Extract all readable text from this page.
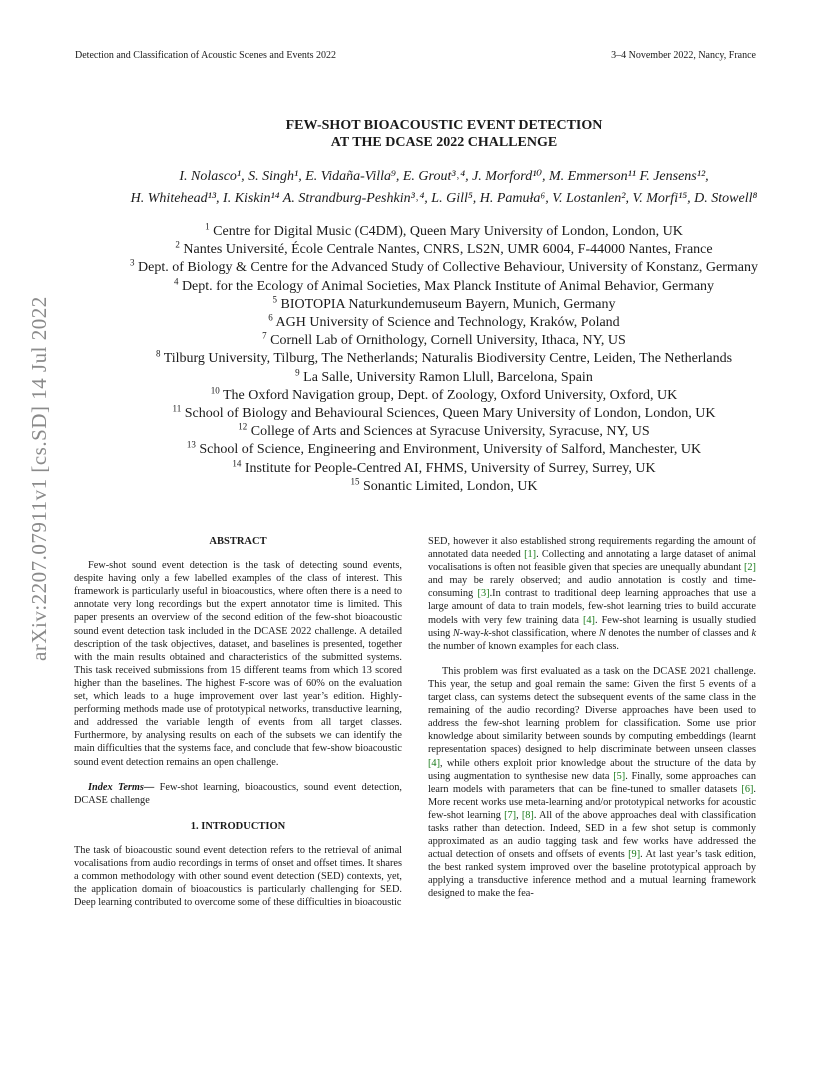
Detection and Classification of Acoustic Scenes and Events 2022	3–4 November 2022, Nancy, France
arXiv:2207.07911v1 [cs.SD] 14 Jul 2022
FEW-SHOT BIOACOUSTIC EVENT DETECTION
AT THE DCASE 2022 CHALLENGE
I. Nolasco¹, S. Singh¹, E. Vidaña-Villa⁹, E. Grout³˒⁴, J. Morford¹⁰, M. Emmerson¹¹ F. Jensens¹²,
H. Whitehead¹³, I. Kiskin¹⁴ A. Strandburg-Peshkin³˒⁴, L. Gill⁵, H. Pamuła⁶, V. Lostanlen², V. Morfi¹⁵, D. Stowell⁸
$^1$ Centre for Digital Music (C4DM), Queen Mary University of London, London, UK
$^2$ Nantes Université, École Centrale Nantes, CNRS, LS2N, UMR 6004, F-44000 Nantes, France
$^3$ Dept. of Biology & Centre for the Advanced Study of Collective Behaviour, University of Konstanz, Germany
$^4$ Dept. for the Ecology of Animal Societies, Max Planck Institute of Animal Behavior, Germany
$^5$ BIOTOPIA Naturkundemuseum Bayern, Munich, Germany
$^6$ AGH University of Science and Technology, Kraków, Poland
$^7$ Cornell Lab of Ornithology, Cornell University, Ithaca, NY, US
$^8$ Tilburg University, Tilburg, The Netherlands; Naturalis Biodiversity Centre, Leiden, The Netherlands
$^9$ La Salle, University Ramon Llull, Barcelona, Spain
$^{10}$ The Oxford Navigation group, Dept. of Zoology, Oxford University, Oxford, UK
$^{11}$ School of Biology and Behavioural Sciences, Queen Mary University of London, London, UK
$^{12}$ College of Arts and Sciences at Syracuse University, Syracuse, NY, US
$^{13}$ School of Science, Engineering and Environment, University of Salford, Manchester, UK
$^{14}$ Institute for People-Centred AI, FHMS, University of Surrey, Surrey, UK
$^{15}$ Sonantic Limited, London, UK
ABSTRACT

Few-shot sound event detection is the task of detecting sound events, despite having only a few labelled examples of the class of interest. This framework is particularly useful in bioacoustics, where often there is a need to annotate very long recordings but the expert annotator time is limited. This paper presents an overview of the second edition of the few-shot bioacoustic sound event detection task included in the DCASE 2022 challenge. A detailed description of the task objectives, dataset, and baselines is presented, together with the main results obtained and characteristics of the submitted systems. This task received submissions from 15 different teams from which 13 scored higher than the baselines. The highest F-score was of 60% on the evaluation set, which leads to a huge improvement over last year’s edition. Highly-performing methods made use of prototypical networks, transductive learning, and addressed the variable length of events from all target classes. Furthermore, by analysing results on each of the subsets we can identify the main difficulties that the systems face, and conclude that few-show bioacoustic sound event detection remains an open challenge.

Index Terms— Few-shot learning, bioacoustics, sound event detection, DCASE challenge

1. INTRODUCTION

The task of bioacoustic sound event detection refers to the retrieval of animal vocalisations from audio recordings in terms of onset and offset times. It shares a common methodology with other sound event detection (SED) contexts, yet, the application domain of bioacoustics is particularly challenging for SED. Deep learning contributed to overcome some of these difficulties in bioacoustic

SED, however it also established strong requirements regarding the amount of annotated data needed [1]. Collecting and annotating a large dataset of animal vocalisations is often not feasible given that species are unequally abundant [2] and may be rarely observed; and audio annotation is costly and time-consuming [3].In contrast to traditional deep learning approaches that use a large amount of data to train models, few-shot learning tries to build accurate models with very few training data [4]. Few-shot learning is usually studied using N-way-k-shot classification, where N denotes the number of classes and k the number of known examples for each class.

This problem was first evaluated as a task on the DCASE 2021 challenge. This year, the setup and goal remain the same: Given the first 5 events of a target class, can systems detect the subsequent events of the same class in the remaining of the audio recording? Diverse approaches have been used to address the few-shot learning problem for classification. Some use prior knowledge about similarity between sounds by computing embeddings (learnt representation spaces) designed to help discriminate between unseen classes [4], while others exploit prior knowledge about the structure of the data by using augmentation to synthesise new data [5]. Finally, some approaches can learn models with parameters that can be fine-tuned to smaller datasets [6]. More recent works use meta-learning and/or prototypical networks for acoustic few-shot learning [7], [8]. All of the above approaches deal with classification tasks rather than detection. Indeed, SED in a few shot setup is commonly approximated as an audio tagging task and few works have addressed the actual detection of onsets and offsets of events [9]. At last year’s task edition, the best ranked system improved over the baseline prototypical approach by applying a transductive inference method and a mutual learning framework designed to make the fea-
